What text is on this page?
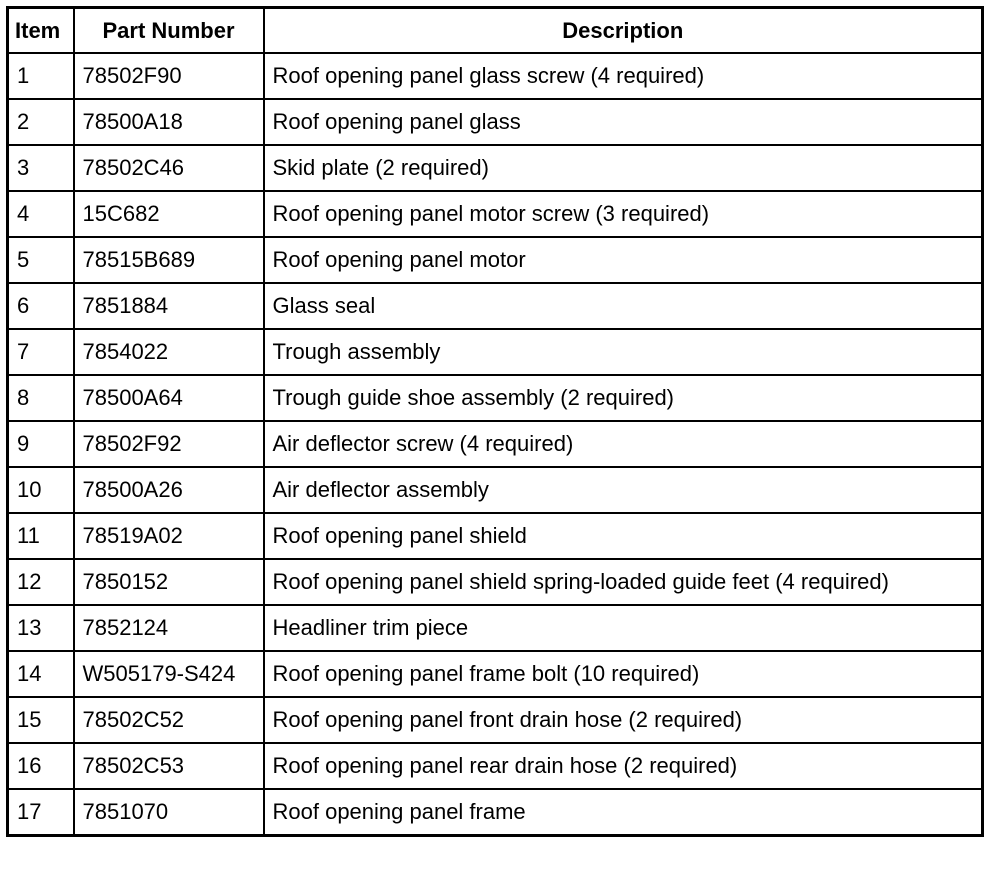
Item	Part Number	Description
1	78502F90	Roof opening panel glass screw (4 required)
2	78500A18	Roof opening panel glass
3	78502C46	Skid plate (2 required)
4	15C682	Roof opening panel motor screw (3 required)
5	78515B689	Roof opening panel motor
6	7851884	Glass seal
7	7854022	Trough assembly
8	78500A64	Trough guide shoe assembly (2 required)
9	78502F92	Air deflector screw (4 required)
10	78500A26	Air deflector assembly
11	78519A02	Roof opening panel shield
12	7850152	Roof opening panel shield spring-loaded guide feet (4 required)
13	7852124	Headliner trim piece
14	W505179-S424	Roof opening panel frame bolt (10 required)
15	78502C52	Roof opening panel front drain hose (2 required)
16	78502C53	Roof opening panel rear drain hose (2 required)
17	7851070	Roof opening panel frame
